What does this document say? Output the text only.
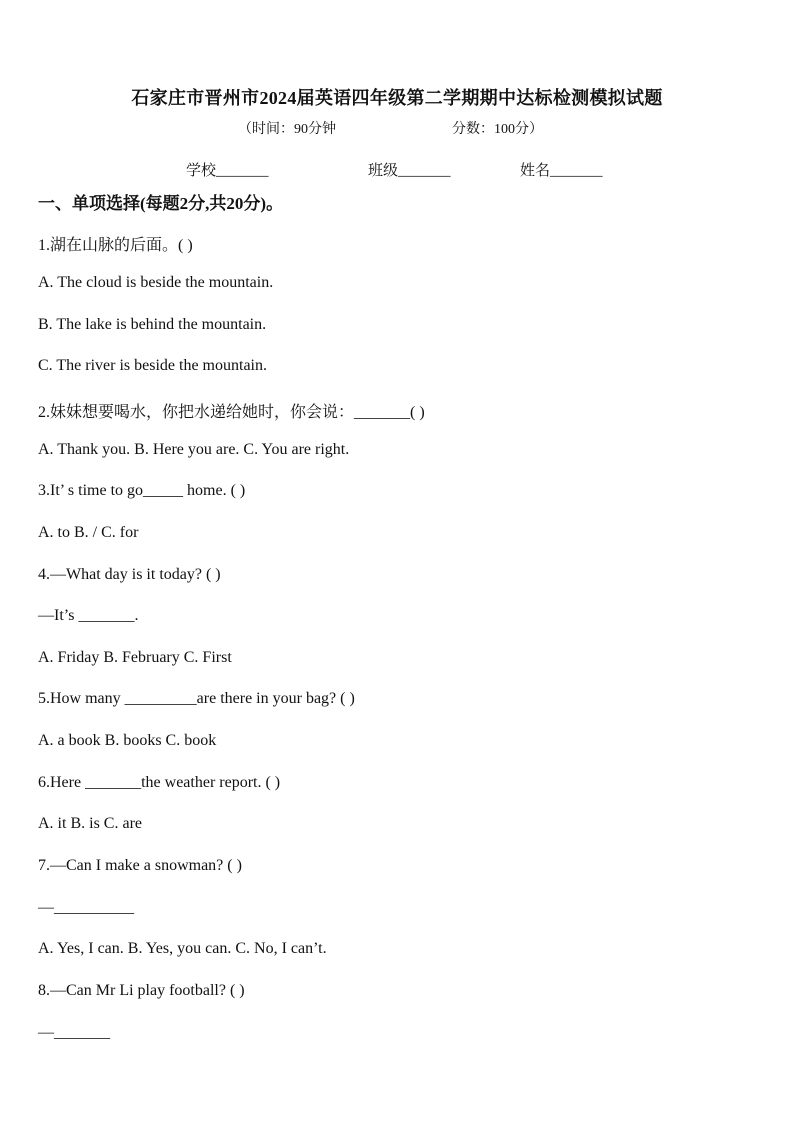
石家庄市晋州市2024届英语四年级第二学期期中达标检测模拟试题
（时间：90分钟	分数：100分）
学校_______	班级_______	姓名_______
一、单项选择(每题2分,共20分)。
1.湖在山脉的后面。( )
A. The cloud is beside the mountain.
B. The lake is behind the mountain.
C. The river is beside the mountain.
2.妹妹想要喝水，你把水递给她时，你会说：_______( )
A. Thank you. B. Here you are. C. You are right.
3.It’ s time to go_____ home. ( )
A. to B. / C. for
4.—What day is it today? ( )
—It’s _______.
A. Friday B. February C. First
5.How many _________are there in your bag? ( )
A. a book B. books C. book
6.Here _______the weather report. ( )
A. it B. is C. are
7.—Can I make a snowman? ( )
—__________
A. Yes, I can. B. Yes, you can. C. No, I can’t.
8.—Can Mr Li play football? ( )
—_______
